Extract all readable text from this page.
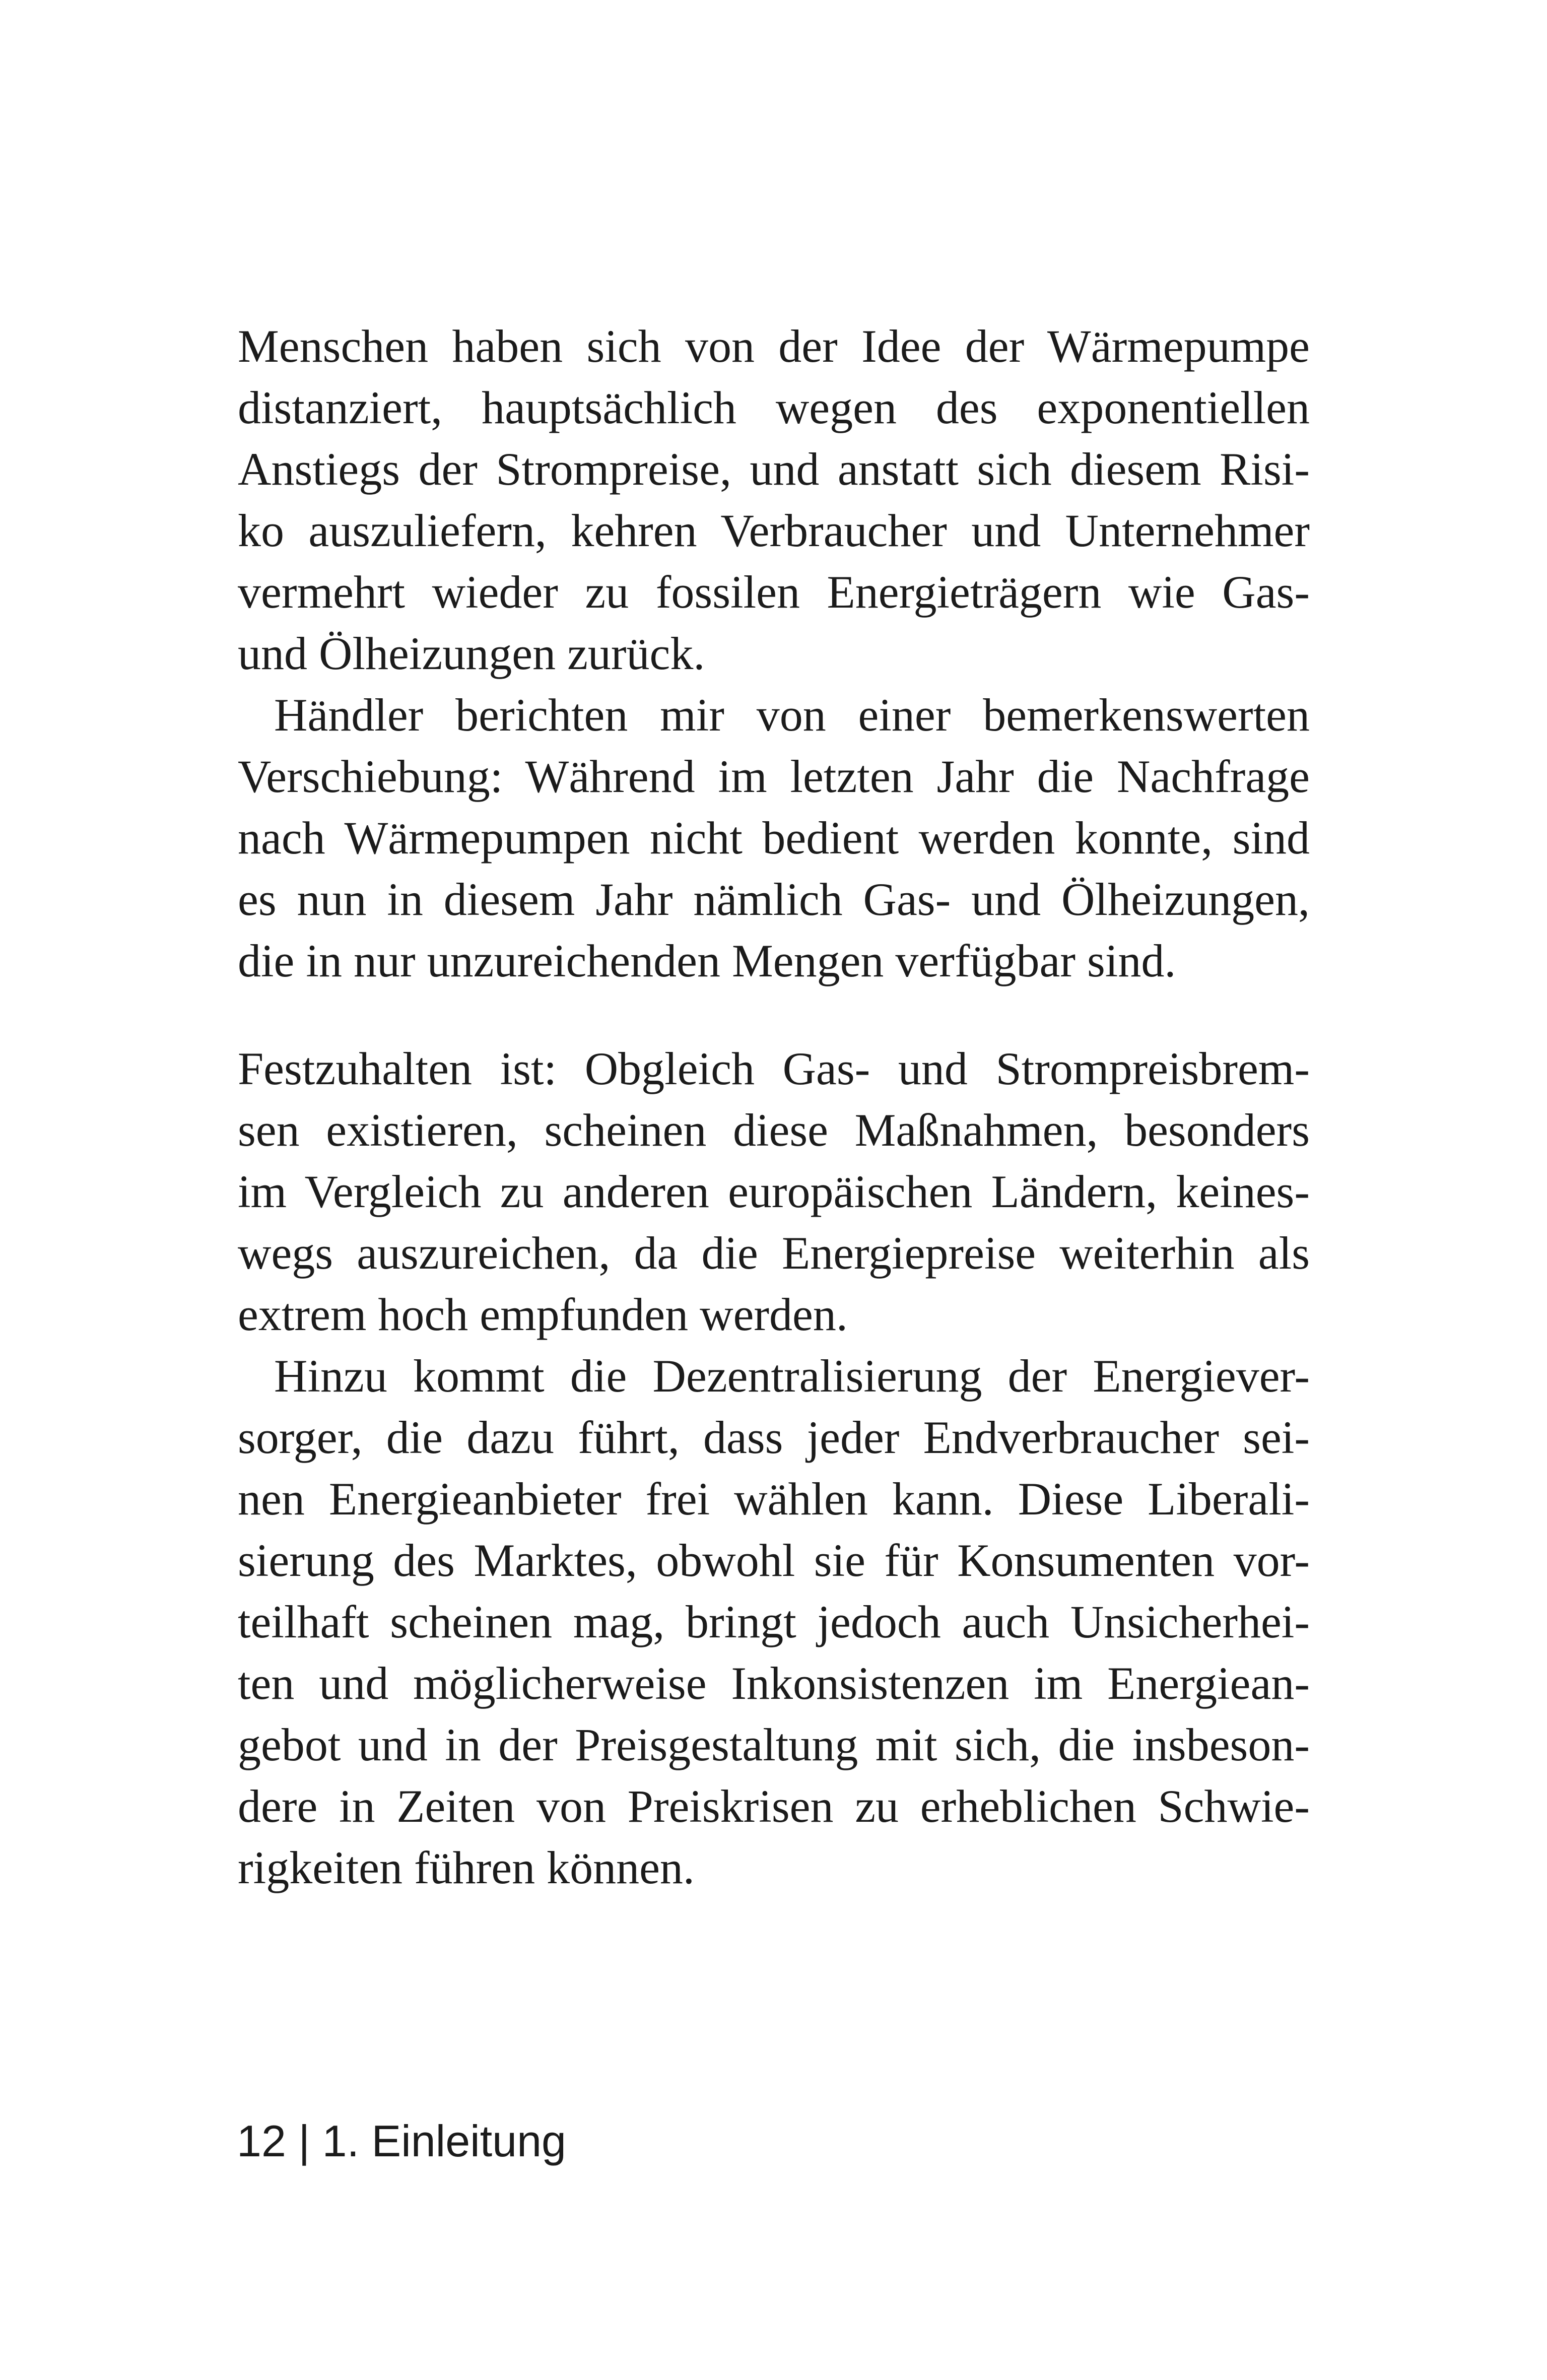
Menschen haben sich von der Idee der Wärmepumpe
distanziert, hauptsächlich wegen des exponentiellen
Anstiegs der Strompreise, und anstatt sich diesem Risi-
ko auszuliefern, kehren Verbraucher und Unternehmer
vermehrt wieder zu fossilen Energieträgern wie Gas-
und Ölheizungen zurück.
Händler berichten mir von einer bemerkenswerten
Verschiebung: Während im letzten Jahr die Nachfrage
nach Wärmepumpen nicht bedient werden konnte, sind
es nun in diesem Jahr nämlich Gas- und Ölheizungen,
die in nur unzureichenden Mengen verfügbar sind.
Festzuhalten ist: Obgleich Gas- und Strompreisbrem-
sen existieren, scheinen diese Maßnahmen, besonders
im Vergleich zu anderen europäischen Ländern, keines-
wegs auszureichen, da die Energiepreise weiterhin als
extrem hoch empfunden werden.
Hinzu kommt die Dezentralisierung der Energiever-
sorger, die dazu führt, dass jeder Endverbraucher sei-
nen Energieanbieter frei wählen kann. Diese Liberali-
sierung des Marktes, obwohl sie für Konsumenten vor-
teilhaft scheinen mag, bringt jedoch auch Unsicherhei-
ten und möglicherweise Inkonsistenzen im Energiean-
gebot und in der Preisgestaltung mit sich, die insbeson-
dere in Zeiten von Preiskrisen zu erheblichen Schwie-
rigkeiten führen können.
12 | 1. Einleitung
